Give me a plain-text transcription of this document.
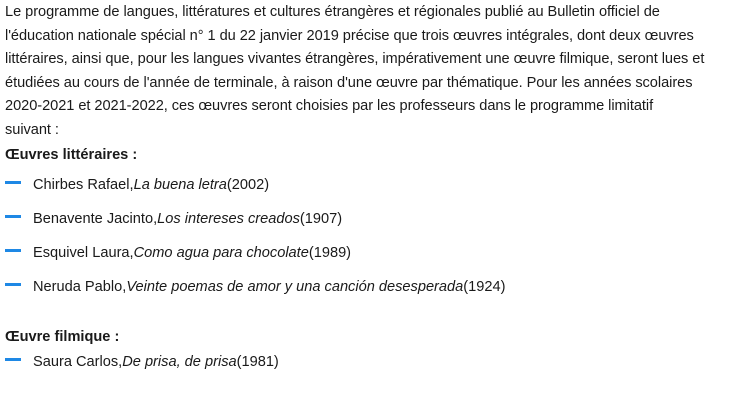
Le programme de langues, littératures et cultures étrangères et régionales publié au Bulletin officiel de
l'éducation nationale spécial n° 1 du 22 janvier 2019 précise que trois œuvres intégrales, dont deux œuvres
littéraires, ainsi que, pour les langues vivantes étrangères, impérativement une œuvre filmique, seront lues et
étudiées au cours de l'année de terminale, à raison d'une œuvre par thématique. Pour les années scolaires
2020-2021 et 2021-2022, ces œuvres seront choisies par les professeurs dans le programme limitatif
suivant :

Œuvres littéraires :
Chirbes Rafael, La buena letra (2002)
Benavente Jacinto, Los intereses creados (1907)
Esquivel Laura, Como agua para chocolate (1989)
Neruda Pablo, Veinte poemas de amor y una canción desesperada (1924)
Œuvre filmique :
Saura Carlos, De prisa, de prisa (1981)
